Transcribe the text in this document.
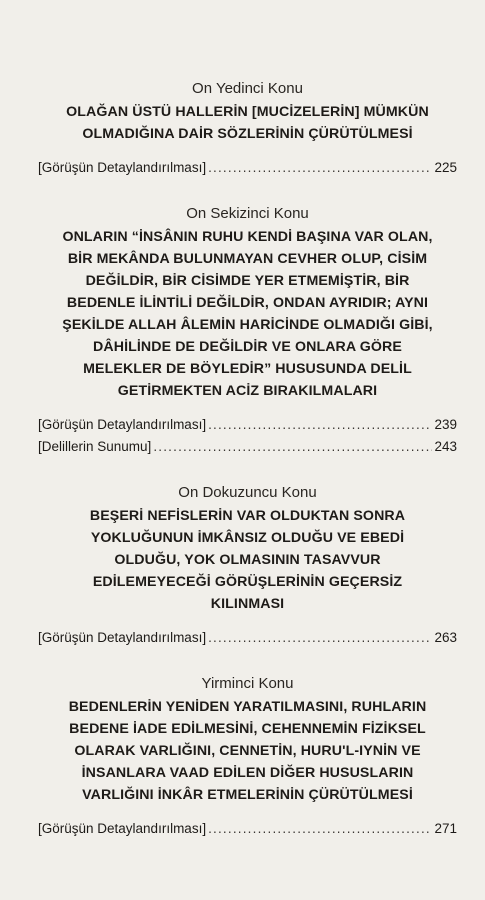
On Yedinci Konu
OLAĞAN ÜSTÜ HALLERİN [MUCİZELERİN] MÜMKÜN
OLMADIĞINA DAİR SÖZLERİNİN ÇÜRÜTÜLMESİ
[Görüşün Detaylandırılması] .....	225
On Sekizinci Konu
ONLARIN “İNSÂNIN RUHU KENDİ BAŞINA VAR OLAN,
BİR MEKÂNDA BULUNMAYAN CEVHER OLUP, CİSİM
DEĞİLDİR, BİR CİSİMDE YER ETMEMİŞTİR, BİR
BEDENLE İLİNTİLİ DEĞİLDİR, ONDAN AYRIDIR; AYNI
ŞEKİLDE ALLAH ÂLEMİN HARİCİNDE OLMADIĞI GİBİ,
DÂHİLİNDE DE DEĞİLDİR VE ONLARA GÖRE
MELEKLER DE BÖYLEDİR” HUSUSUNDA DELİL
GETİRMEKTEN ACİZ BIRAKILMALARI
[Görüşün Detaylandırılması] .....	239
[Delillerin Sunumu] .....	243
On Dokuzuncu Konu
BEŞERİ NEFİSLERİN VAR OLDUKTAN SONRA
YOKLUĞUNUN İMKÂNSIZ OLDUĞU VE EBEDİ
OLDUĞU, YOK OLMASININ TASAVVUR
EDİLEMEYECEĞİ GÖRÜŞLERİNİN GEÇERSİZ
KILINMASI
[Görüşün Detaylandırılması] .....	263
Yirminci Konu
BEDENLERİN YENİDEN YARATILMASINI, RUHLARIN
BEDENE İADE EDİLMESİNİ, CEHENNEMİN FİZİKSEL
OLARAK VARLIĞINI, CENNETİN, HURU'L-IYNİN VE
İNSANLARA VAAD EDİLEN DİĞER HUSUSLARIN
VARLIĞINI İNKÂR ETMELERİNİN ÇÜRÜTÜLMESİ
[Görüşün Detaylandırılması] .....	271
